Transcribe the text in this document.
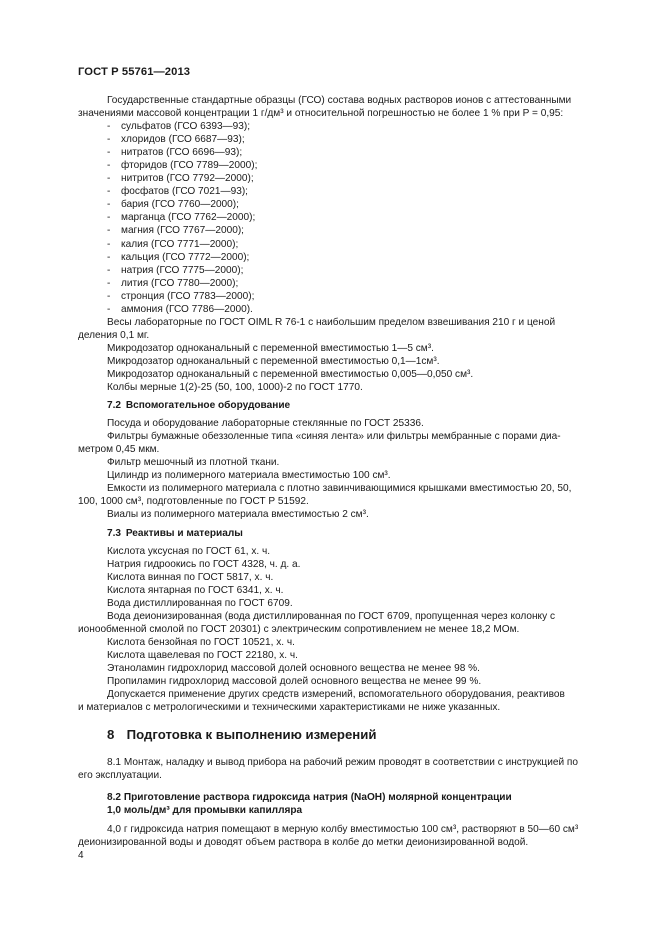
ГОСТ Р 55761—2013

Государственные стандартные образцы (ГСО) состава водных растворов ионов с аттестованными

значениями массовой концентрации 1 г/дм³ и относительной погрешностью не более 1 % при P = 0,95:

- сульфатов (ГСО 6393—93);
- хлоридов (ГСО 6687—93);
- нитратов (ГСО 6696—93);
- фторидов (ГСО 7789—2000);
- нитритов (ГСО 7792—2000);
- фосфатов (ГСО 7021—93);
- бария (ГСО 7760—2000);
- марганца (ГСО 7762—2000);
- магния (ГСО 7767—2000);
- калия (ГСО 7771—2000);
- кальция (ГСО 7772—2000);
- натрия (ГСО 7775—2000);
- лития (ГСО 7780—2000);
- стронция (ГСО 7783—2000);
- аммония (ГСО 7786—2000).

Весы лабораторные по ГОСТ OIML R 76-1 с наибольшим пределом взвешивания 210 г и ценой

деления 0,1 мг.

Микродозатор одноканальный с переменной вместимостью 1—5 см³.

Микродозатор одноканальный с переменной вместимостью 0,1—1см³.

Микродозатор одноканальный с переменной вместимостью 0,005—0,050 см³.

Колбы мерные 1(2)-25 (50, 100, 1000)-2 по ГОСТ 1770.

7.2 Вспомогательное оборудование

Посуда и оборудование лабораторные стеклянные по ГОСТ 25336.

Фильтры бумажные обеззоленные типа «синяя лента» или фильтры мембранные с порами диа-

метром 0,45 мкм.

Фильтр мешочный из плотной ткани.

Цилиндр из полимерного материала вместимостью 100 см³.

Емкости из полимерного материала с плотно завинчивающимися крышками вместимостью 20, 50,

100, 1000 см³, подготовленные по ГОСТ Р 51592.

Виалы из полимерного материала вместимостью 2 см³.

7.3 Реактивы и материалы

Кислота уксусная по ГОСТ 61, х. ч.

Натрия гидроокись по ГОСТ 4328, ч. д. а.

Кислота винная по ГОСТ 5817, х. ч.

Кислота янтарная по ГОСТ 6341, х. ч.

Вода дистиллированная по ГОСТ 6709.

Вода деионизированная (вода дистиллированная по ГОСТ 6709, пропущенная через колонку с

ионообменной смолой по ГОСТ 20301) с электрическим сопротивлением не менее 18,2 МОм.

Кислота бензойная по ГОСТ 10521, х. ч.

Кислота щавелевая по ГОСТ 22180, х. ч.

Этаноламин гидрохлорид массовой долей основного вещества не менее 98 %.

Пропиламин гидрохлорид массовой долей основного вещества не менее 99 %.

Допускается применение других средств измерений, вспомогательного оборудования, реактивов

и материалов с метрологическими и техническими характеристиками не ниже указанных.

8 Подготовка к выполнению измерений

8.1 Монтаж, наладку и вывод прибора на рабочий режим проводят в соответствии с инструкцией по

его эксплуатации.

8.2 Приготовление раствора гидроксида натрия (NaOH) молярной концентрации

1,0 моль/дм³ для промывки капилляра

4,0 г гидроксида натрия помещают в мерную колбу вместимостью 100 см³, растворяют в 50—60 см³

деионизированной воды и доводят объем раствора в колбе до метки деионизированной водой.

4
